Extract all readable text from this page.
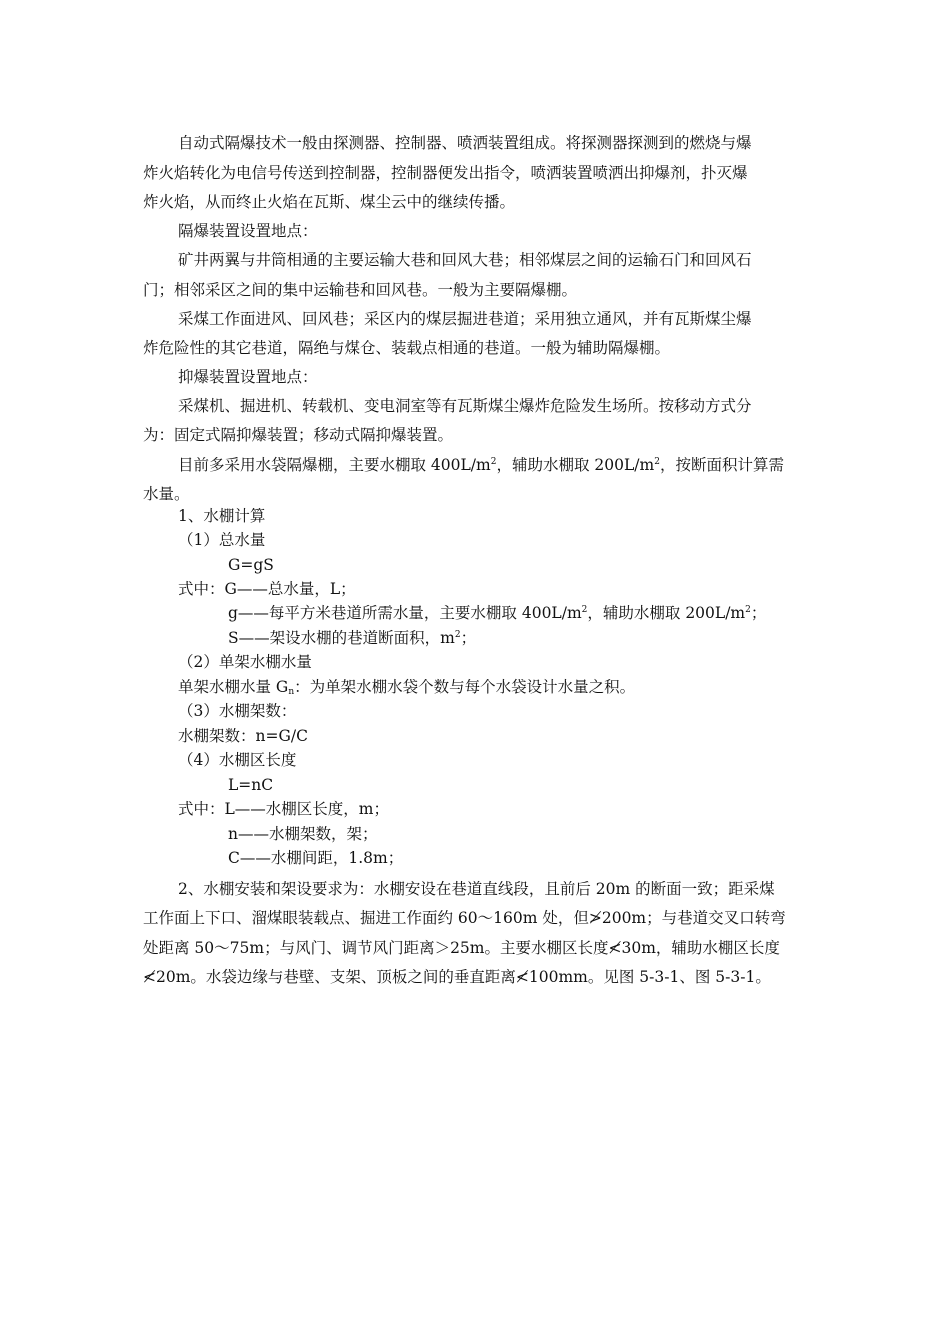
自动式隔爆技术一般由探测器、控制器、喷洒装置组成。将探测器探测到的燃烧与爆
炸火焰转化为电信号传送到控制器，控制器便发出指令，喷洒装置喷洒出抑爆剂，扑灭爆
炸火焰，从而终止火焰在瓦斯、煤尘云中的继续传播。
隔爆装置设置地点：
矿井两翼与井筒相通的主要运输大巷和回风大巷；相邻煤层之间的运输石门和回风石
门；相邻采区之间的集中运输巷和回风巷。一般为主要隔爆棚。
采煤工作面进风、回风巷；采区内的煤层掘进巷道；采用独立通风，并有瓦斯煤尘爆
炸危险性的其它巷道，隔绝与煤仓、装载点相通的巷道。一般为辅助隔爆棚。
抑爆装置设置地点：
采煤机、掘进机、转载机、变电洞室等有瓦斯煤尘爆炸危险发生场所。按移动方式分
为：固定式隔抑爆装置；移动式隔抑爆装置。
目前多采用水袋隔爆棚，主要水棚取 $400L/m^2$，辅助水棚取 $200L/m^2$，按断面积计算需
水量。
1、水棚计算
（1）总水量
G=gS
式中：G——总水量，L；
g——每平方米巷道所需水量，主要水棚取 $400L/m^2$，辅助水棚取 $200L/m^2$；
S——架设水棚的巷道断面积，$m^2$；
（2）单架水棚水量
单架水棚水量 $G_n$：为单架水棚水袋个数与每个水袋设计水量之积。
（3）水棚架数：
水棚架数：n=G/C
（4）水棚区长度
L=nC
式中：L——水棚区长度，m；
n——水棚架数，架；
C——水棚间距，1.8m；
2、水棚安装和架设要求为：水棚安设在巷道直线段，且前后 20m 的断面一致；距采煤
工作面上下口、溜煤眼装载点、掘进工作面约 60～160m 处，但≯200m；与巷道交叉口转弯
处距离 50～75m；与风门、调节风门距离＞25m。主要水棚区长度≮30m，辅助水棚区长度
≮20m。水袋边缘与巷壁、支架、顶板之间的垂直距离≮100mm。见图 5-3-1、图 5-3-1。
